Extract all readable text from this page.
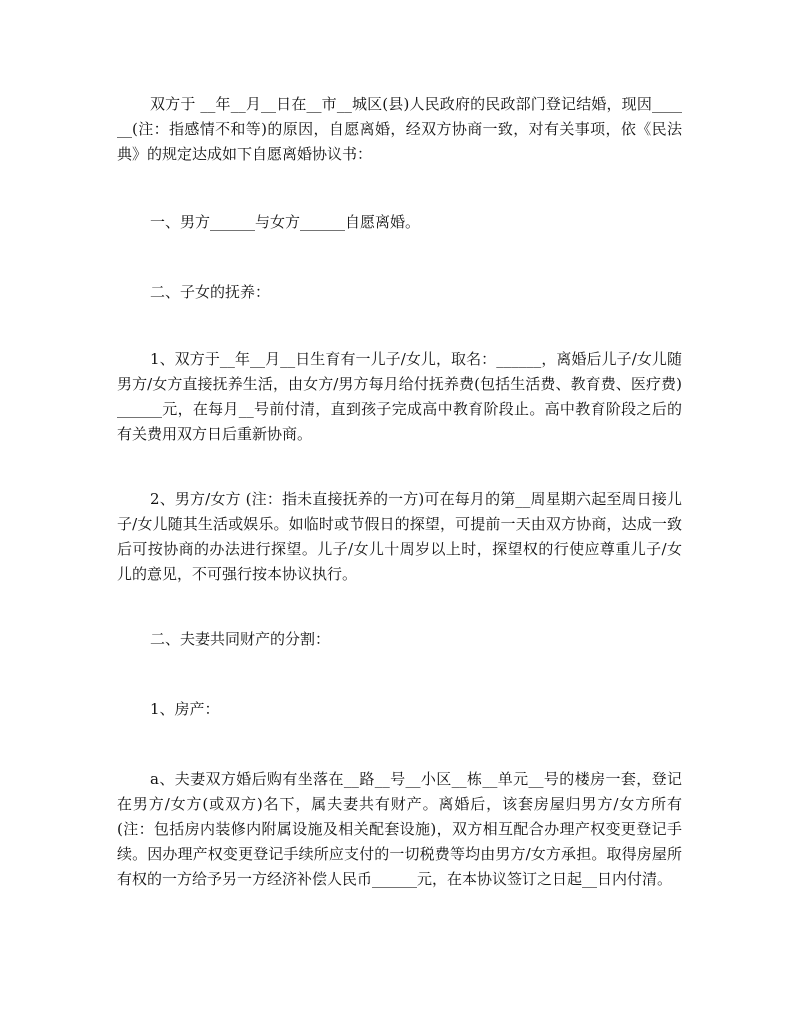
双方于 __年__月__日在__市__城区(县)人民政府的民政部门登记结婚，现因______(注：指感情不和等)的原因，自愿离婚，经双方协商一致，对有关事项，依《民法典》的规定达成如下自愿离婚协议书：

一、男方______与女方______自愿离婚。

二、子女的抚养：

1、双方于__年__月__日生育有一儿子/女儿，取名：______，离婚后儿子/女儿随男方/女方直接抚养生活，由女方/男方每月给付抚养费(包括生活费、教育费、医疗费)______元，在每月__号前付清，直到孩子完成高中教育阶段止。高中教育阶段之后的有关费用双方日后重新协商。

2、男方/女方 (注：指未直接抚养的一方)可在每月的第__周星期六起至周日接儿子/女儿随其生活或娱乐。如临时或节假日的探望，可提前一天由双方协商，达成一致后可按协商的办法进行探望。儿子/女儿十周岁以上时，探望权的行使应尊重儿子/女儿的意见，不可强行按本协议执行。

二、夫妻共同财产的分割：

1、房产：

a、夫妻双方婚后购有坐落在__路__号__小区__栋__单元__号的楼房一套，登记在男方/女方(或双方)名下，属夫妻共有财产。离婚后，该套房屋归男方/女方所有 (注：包括房内装修内附属设施及相关配套设施)，双方相互配合办理产权变更登记手续。因办理产权变更登记手续所应支付的一切税费等均由男方/女方承担。取得房屋所有权的一方给予另一方经济补偿人民币______元，在本协议签订之日起__日内付清。
